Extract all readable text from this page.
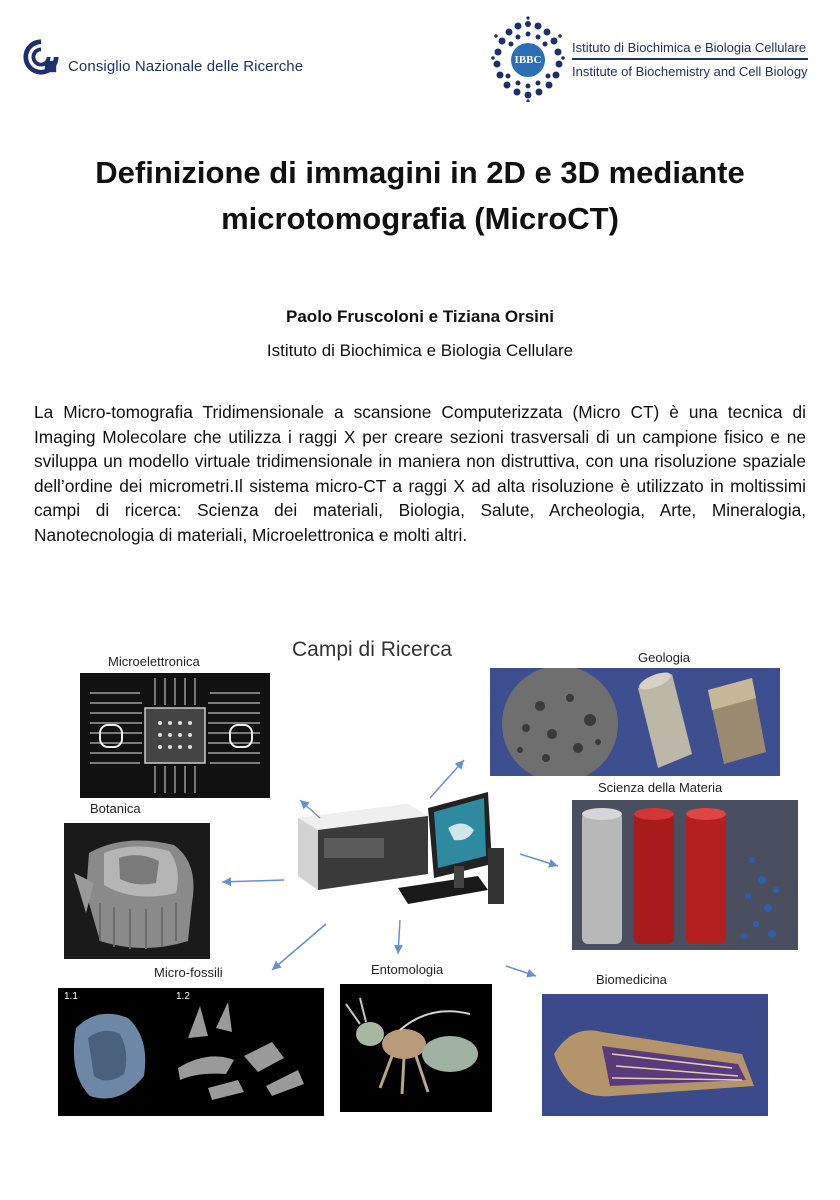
Consiglio Nazionale delle Ricerche	IBBC
Istituto di Biochimica e Biologia Cellulare
Institute of Biochemistry and Cell Biology
Definizione di immagini in 2D e 3D mediante
microtomografia (MicroCT)
Paolo Fruscoloni e Tiziana Orsini
Istituto di Biochimica e Biologia Cellulare
La Micro-tomografia Tridimensionale a scansione Computerizzata (Micro CT) è una tecnica di Imaging Molecolare che utilizza i raggi X per creare sezioni trasversali di un campione fisico e ne sviluppa un modello virtuale tridimensionale in maniera non distruttiva, con una risoluzione spaziale dell’ordine dei micrometri.Il sistema micro-CT a raggi X ad alta risoluzione è utilizzato in moltissimi campi di ricerca: Scienza dei materiali, Biologia, Salute, Archeologia, Arte, Mineralogia, Nanotecnologia di materiali, Microelettronica e molti altri.
Campi di Ricerca
Microelettronica
Botanica
Micro-fossili
1.1	1.2
Geologia
Scienza della Materia
Entomologia
Biomedicina
